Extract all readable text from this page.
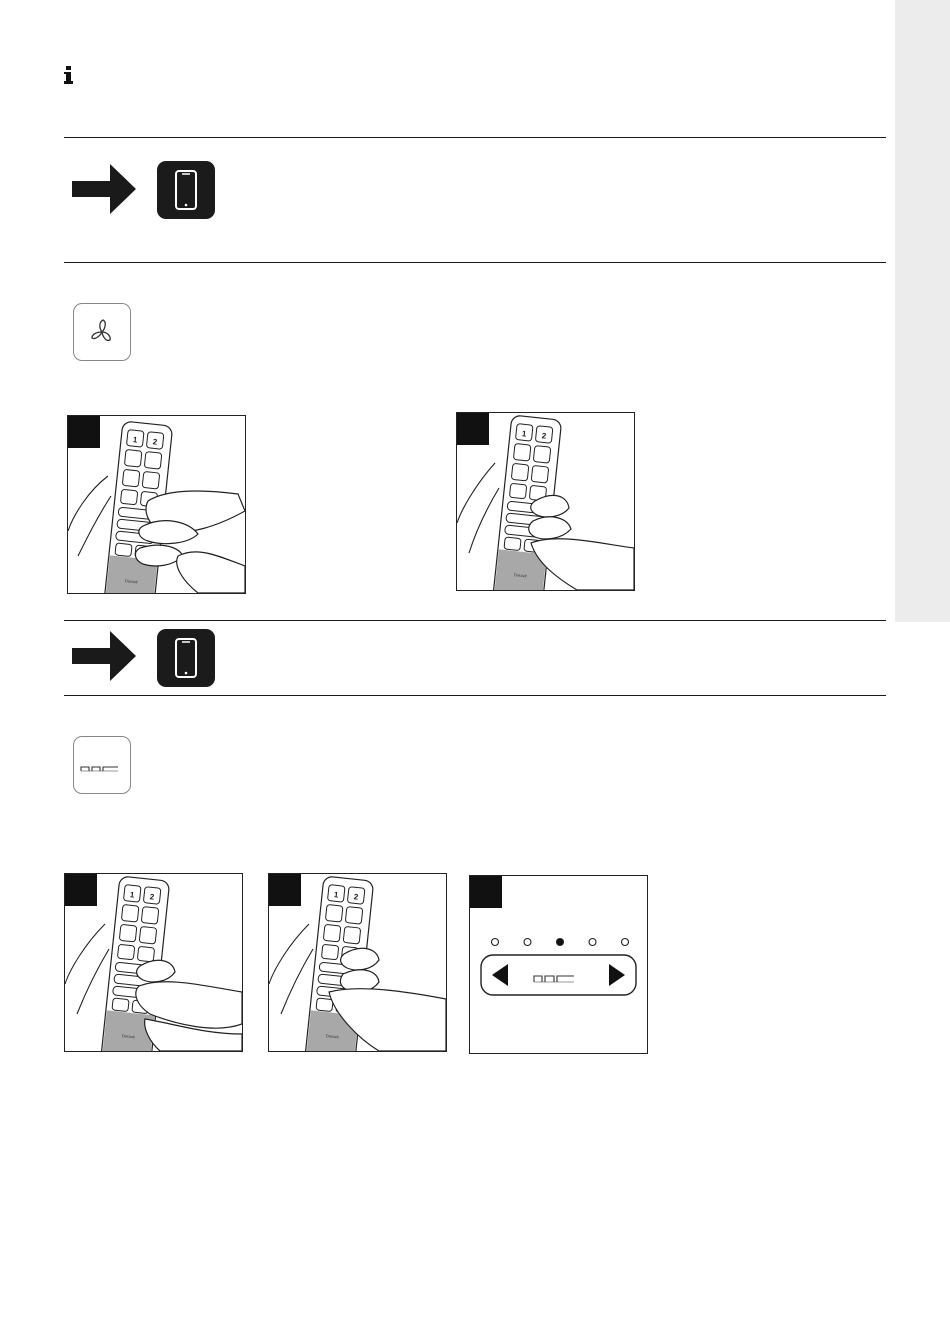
Duravit
1 2
Duravit
1 2
Duravit
1 2
Duravit
1 2
